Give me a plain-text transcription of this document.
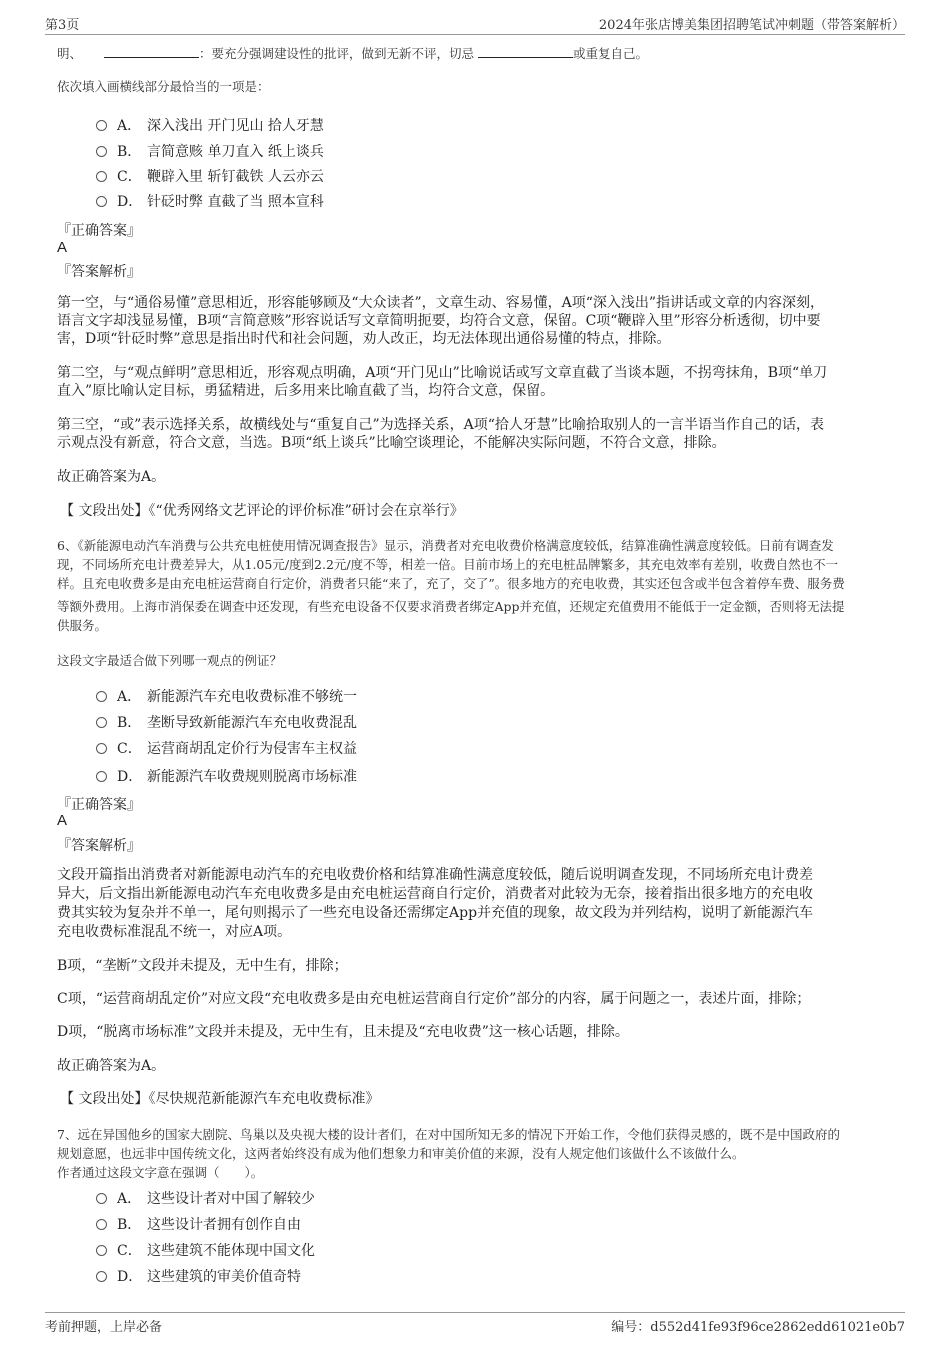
第3页	2024年张店博美集团招聘笔试冲刺题（带答案解析）
明、	：要充分强调建设性的批评，做到无新不评，切忌	或重复自己。
依次填入画横线部分最恰当的一项是：
A． 深入浅出 开门见山 拾人牙慧
B． 言简意赅 单刀直入 纸上谈兵
C． 鞭辟入里 斩钉截铁 人云亦云
D． 针砭时弊 直截了当 照本宣科
『正确答案』
A
『答案解析』
第一空，与“通俗易懂”意思相近，形容能够顾及“大众读者”，文章生动、容易懂，A项“深入浅出”指讲话或文章的内容深刻，
语言文字却浅显易懂，B项“言简意赅”形容说话写文章简明扼要，均符合文意，保留。C项“鞭辟入里”形容分析透彻，切中要
害，D项“针砭时弊”意思是指出时代和社会问题，劝人改正，均无法体现出通俗易懂的特点，排除。
第二空，与“观点鲜明”意思相近，形容观点明确，A项“开门见山”比喻说话或写文章直截了当谈本题，不拐弯抹角，B项“单刀
直入”原比喻认定目标，勇猛精进，后多用来比喻直截了当，均符合文意，保留。
第三空，“或”表示选择关系，故横线处与“重复自己”为选择关系，A项“拾人牙慧”比喻拾取别人的一言半语当作自己的话，表
示观点没有新意，符合文意，当选。B项“纸上谈兵”比喻空谈理论，不能解决实际问题，不符合文意，排除。
故正确答案为A。
【 文段出处】《“优秀网络文艺评论的评价标准”研讨会在京举行》
6、《新能源电动汽车消费与公共充电桩使用情况调查报告》显示，消费者对充电收费价格满意度较低，结算准确性满意度较低。日前有调查发
现，不同场所充电计费差异大，从1.05元/度到2.2元/度不等，相差一倍。目前市场上的充电桩品牌繁多，其充电效率有差别，收费自然也不一
样。且充电收费多是由充电桩运营商自行定价，消费者只能“来了，充了，交了”。很多地方的充电收费，其实还包含或半包含着停车费、服务费
等额外费用。上海市消保委在调查中还发现，有些充电设备不仅要求消费者绑定App并充值，还规定充值费用不能低于一定金额，否则将无法提
供服务。
这段文字最适合做下列哪一观点的例证？
A． 新能源汽车充电收费标准不够统一
B． 垄断导致新能源汽车充电收费混乱
C． 运营商胡乱定价行为侵害车主权益
D． 新能源汽车收费规则脱离市场标准
『正确答案』
A
『答案解析』
文段开篇指出消费者对新能源电动汽车的充电收费价格和结算准确性满意度较低，随后说明调查发现，不同场所充电计费差
异大，后文指出新能源电动汽车充电收费多是由充电桩运营商自行定价，消费者对此较为无奈，接着指出很多地方的充电收
费其实较为复杂并不单一，尾句则揭示了一些充电设备还需绑定App并充值的现象，故文段为并列结构，说明了新能源汽车
充电收费标准混乱不统一，对应A项。
B项，“垄断”文段并未提及，无中生有，排除；
C项，“运营商胡乱定价”对应文段“充电收费多是由充电桩运营商自行定价”部分的内容，属于问题之一，表述片面，排除；
D项，“脱离市场标准”文段并未提及，无中生有，且未提及“充电收费”这一核心话题，排除。
故正确答案为A。
【 文段出处】《尽快规范新能源汽车充电收费标准》
7、远在异国他乡的国家大剧院、鸟巢以及央视大楼的设计者们，在对中国所知无多的情况下开始工作，令他们获得灵感的，既不是中国政府的
规划意愿，也远非中国传统文化，这两者始终没有成为他们想象力和审美价值的来源，没有人规定他们该做什么不该做什么。
作者通过这段文字意在强调（　　）。
A． 这些设计者对中国了解较少
B． 这些设计者拥有创作自由
C． 这些建筑不能体现中国文化
D． 这些建筑的审美价值奇特
考前押题，上岸必备	编号：d552d41fe93f96ce2862edd61021e0b7
